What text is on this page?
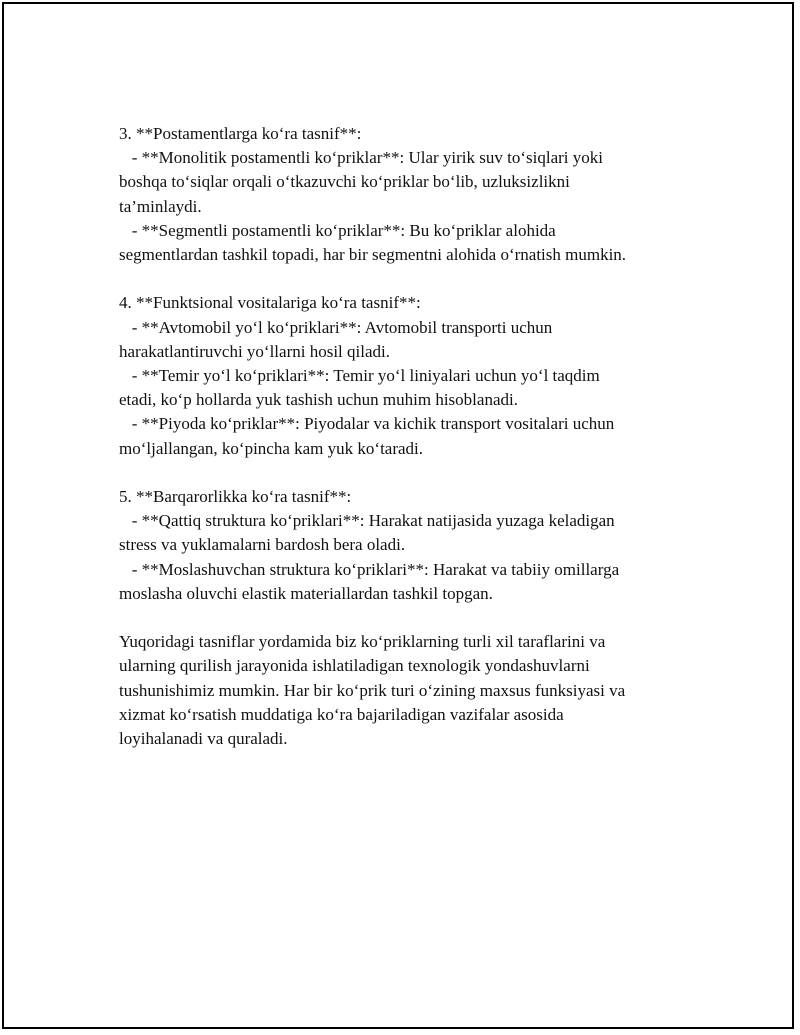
3. **Postamentlarga ko‘ra tasnif**:
- **Monolitik postamentli ko‘priklar**: Ular yirik suv to‘siqlari yoki
boshqa to‘siqlar orqali o‘tkazuvchi ko‘priklar bo‘lib, uzluksizlikni
ta’minlaydi.
- **Segmentli postamentli ko‘priklar**: Bu ko‘priklar alohida
segmentlardan tashkil topadi, har bir segmentni alohida o‘rnatish mumkin.
4. **Funktsional vositalariga ko‘ra tasnif**:
- **Avtomobil yo‘l ko‘priklari**: Avtomobil transporti uchun
harakatlantiruvchi yo‘llarni hosil qiladi.
- **Temir yo‘l ko‘priklari**: Temir yo‘l liniyalari uchun yo‘l taqdim
etadi, ko‘p hollarda yuk tashish uchun muhim hisoblanadi.
- **Piyoda ko‘priklar**: Piyodalar va kichik transport vositalari uchun
mo‘ljallangan, ko‘pincha kam yuk ko‘taradi.
5. **Barqarorlikka ko‘ra tasnif**:
- **Qattiq struktura ko‘priklari**: Harakat natijasida yuzaga keladigan
stress va yuklamalarni bardosh bera oladi.
- **Moslashuvchan struktura ko‘priklari**: Harakat va tabiiy omillarga
moslasha oluvchi elastik materiallardan tashkil topgan.
Yuqoridagi tasniflar yordamida biz ko‘priklarning turli xil taraflarini va
ularning qurilish jarayonida ishlatiladigan texnologik yondashuvlarni
tushunishimiz mumkin. Har bir ko‘prik turi o‘zining maxsus funksiyasi va
xizmat ko‘rsatish muddatiga ko‘ra bajariladigan vazifalar asosida
loyihalanadi va quraladi.
